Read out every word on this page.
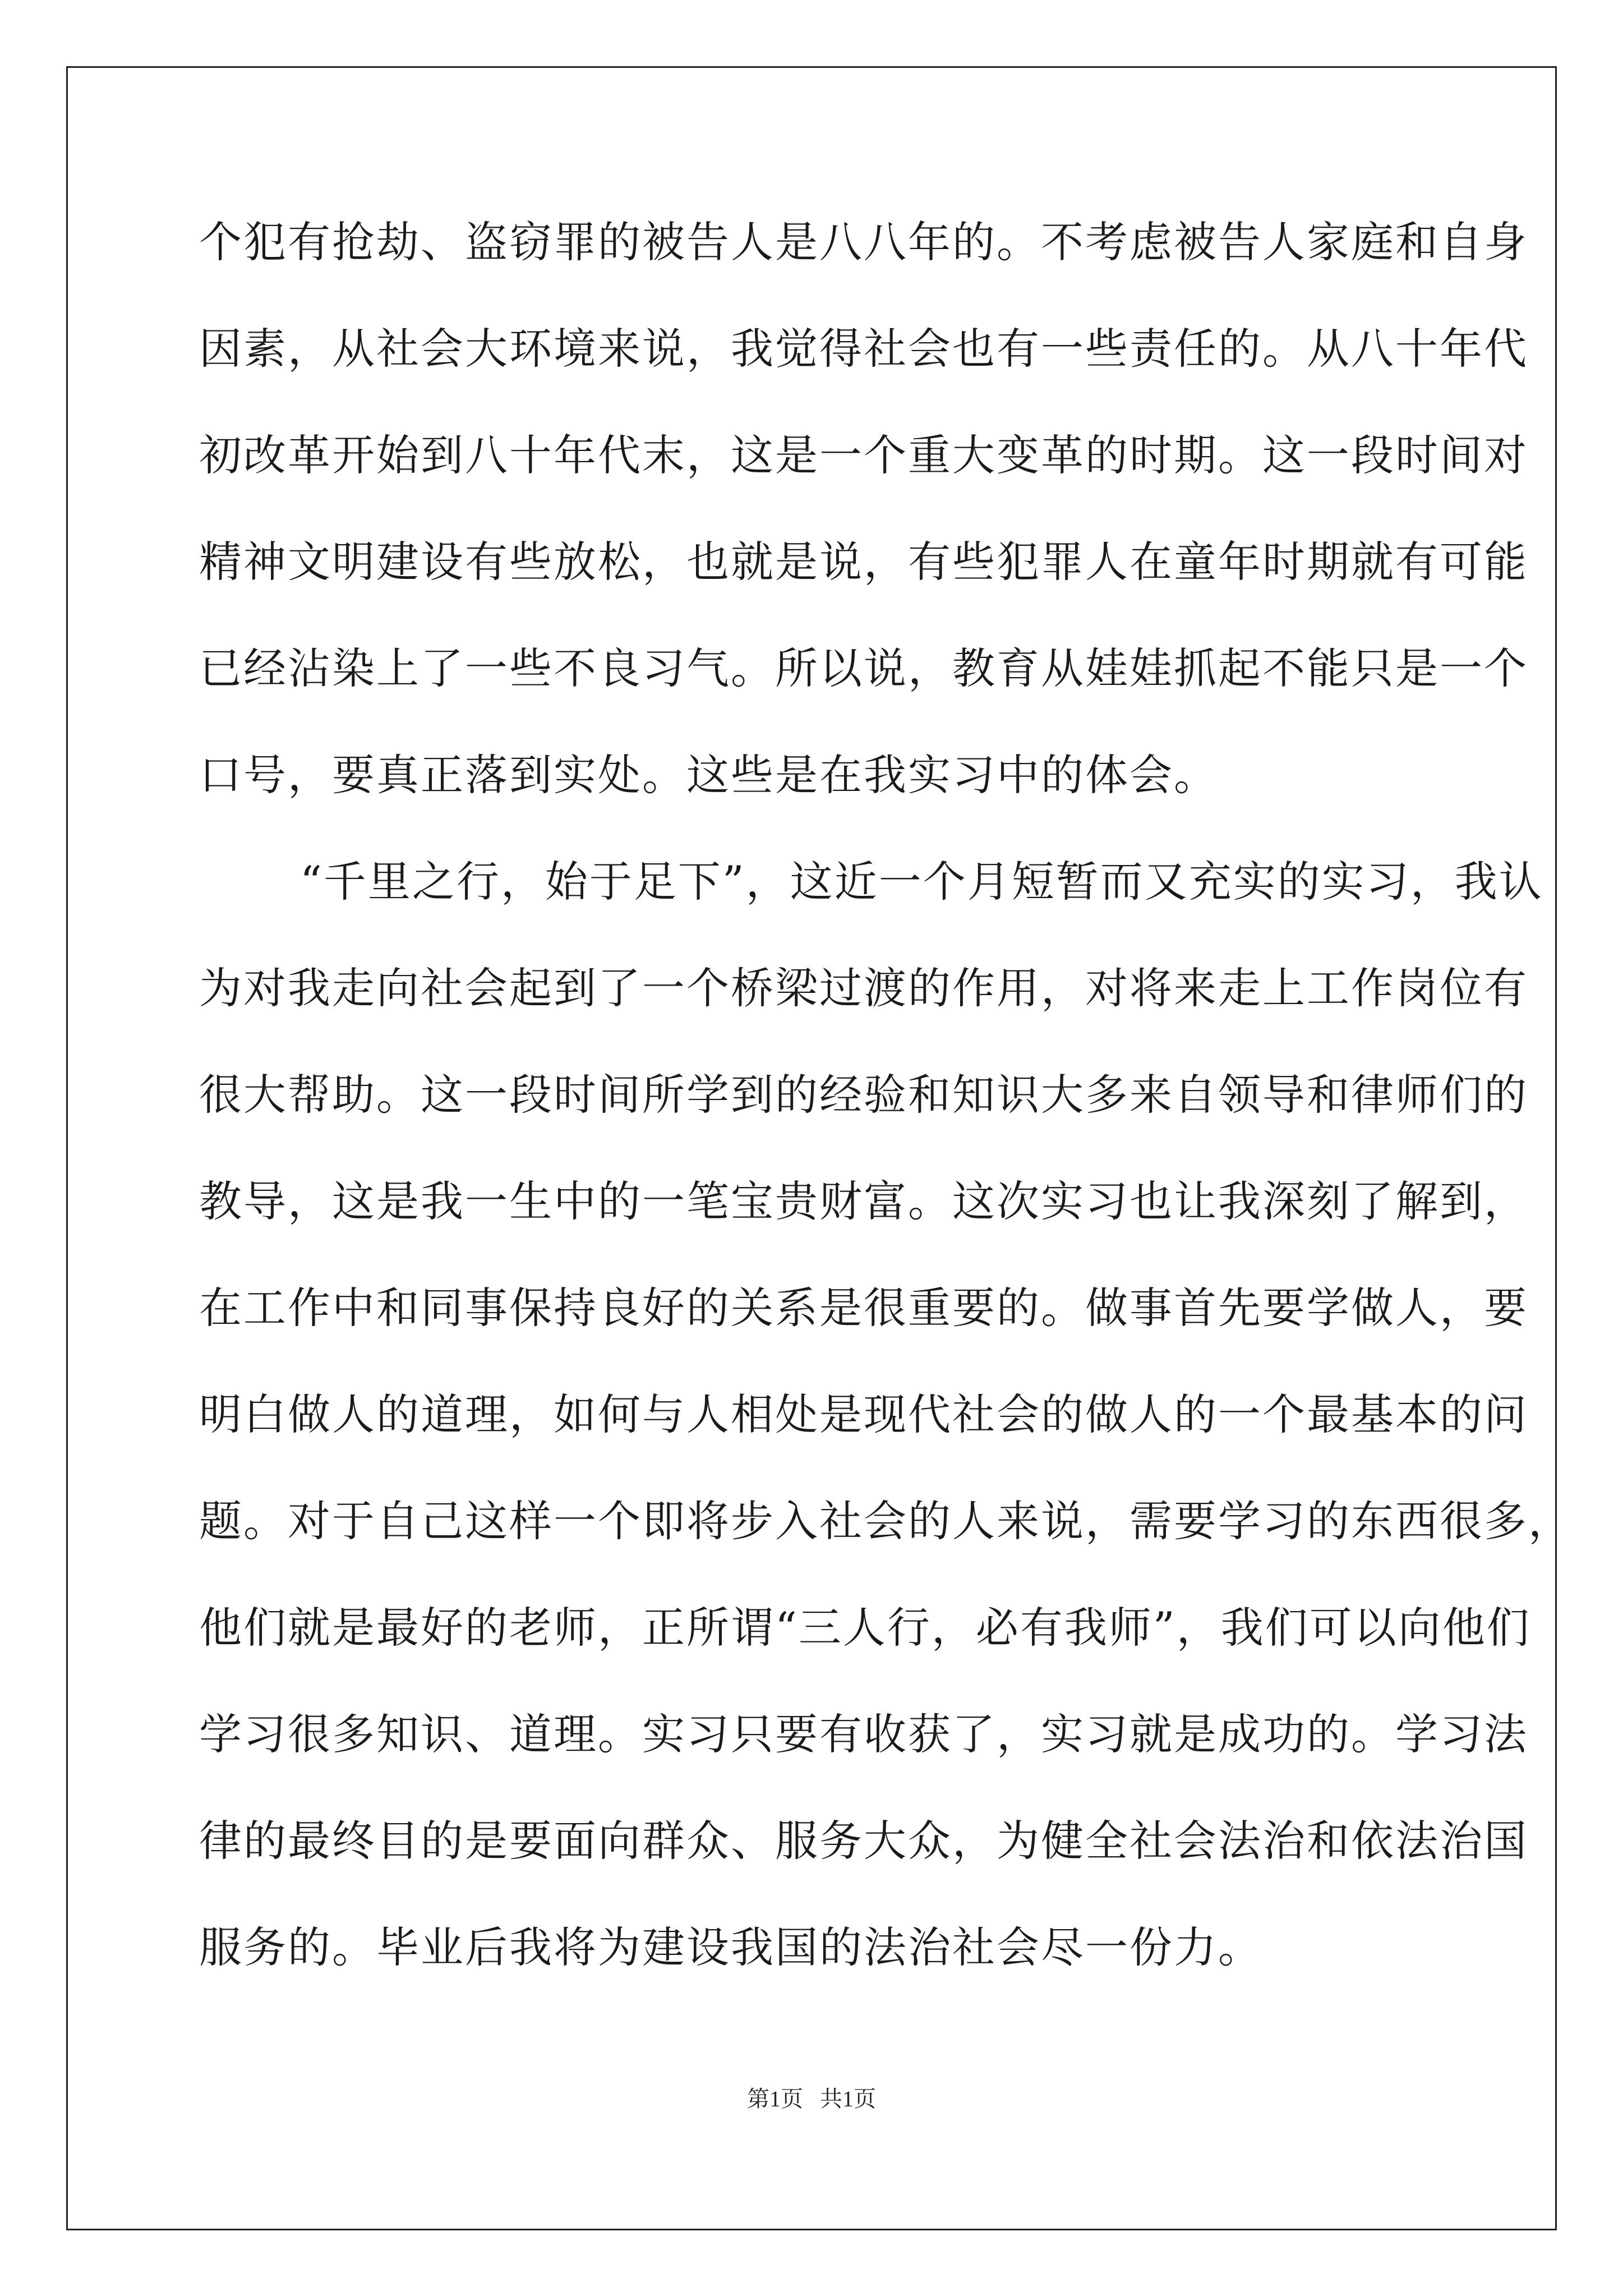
个犯有抢劫、盗窃罪的被告人是八八年的。不考虑被告人家庭和自身
因素，从社会大环境来说，我觉得社会也有一些责任的。从八十年代
初改革开始到八十年代末，这是一个重大变革的时期。这一段时间对
精神文明建设有些放松，也就是说，有些犯罪人在童年时期就有可能
已经沾染上了一些不良习气。所以说，教育从娃娃抓起不能只是一个
口号，要真正落到实处。这些是在我实习中的体会。
“千里之行，始于足下”，这近一个月短暂而又充实的实习，我认
为对我走向社会起到了一个桥梁过渡的作用，对将来走上工作岗位有
很大帮助。这一段时间所学到的经验和知识大多来自领导和律师们的
教导，这是我一生中的一笔宝贵财富。这次实习也让我深刻了解到，
在工作中和同事保持良好的关系是很重要的。做事首先要学做人，要
明白做人的道理，如何与人相处是现代社会的做人的一个最基本的问
题。对于自己这样一个即将步入社会的人来说，需要学习的东西很多，
他们就是最好的老师，正所谓“三人行，必有我师”，我们可以向他们
学习很多知识、道理。实习只要有收获了，实习就是成功的。学习法
律的最终目的是要面向群众、服务大众，为健全社会法治和依法治国
服务的。毕业后我将为建设我国的法治社会尽一份力。
第1页   共1页
